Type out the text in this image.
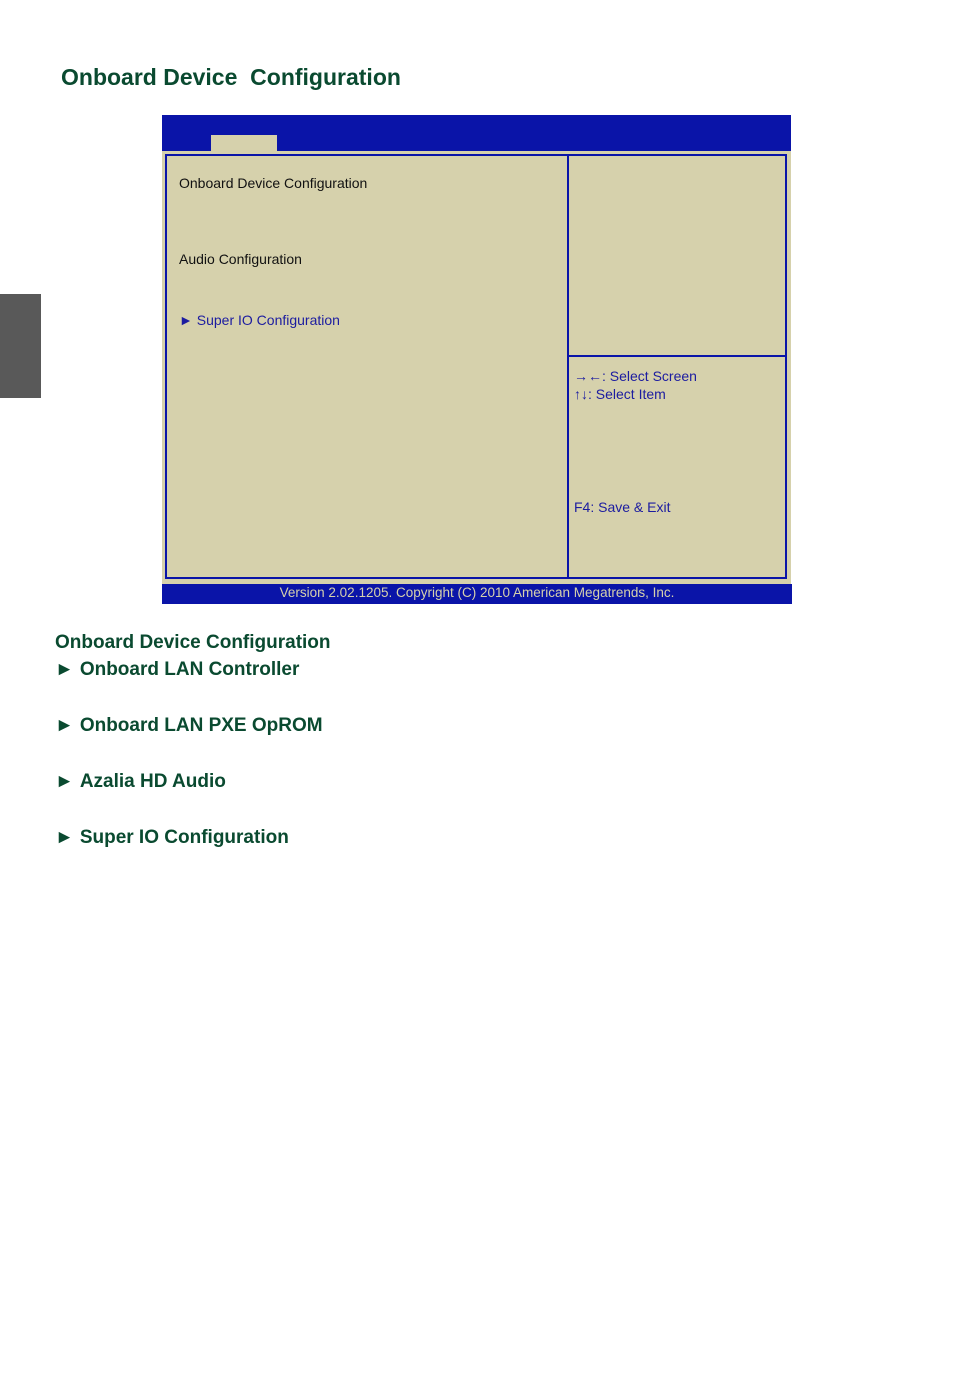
Onboard Device  Configuration
Onboard Device Configuration
Audio Configuration
► Super IO Configuration
→←: Select Screen
↑↓: Select Item
F4: Save & Exit
Version 2.02.1205. Copyright (C) 2010 American Megatrends, Inc.
Onboard Device Configuration
► Onboard LAN Controller
► Onboard LAN PXE OpROM
► Azalia HD Audio
► Super IO Configuration
